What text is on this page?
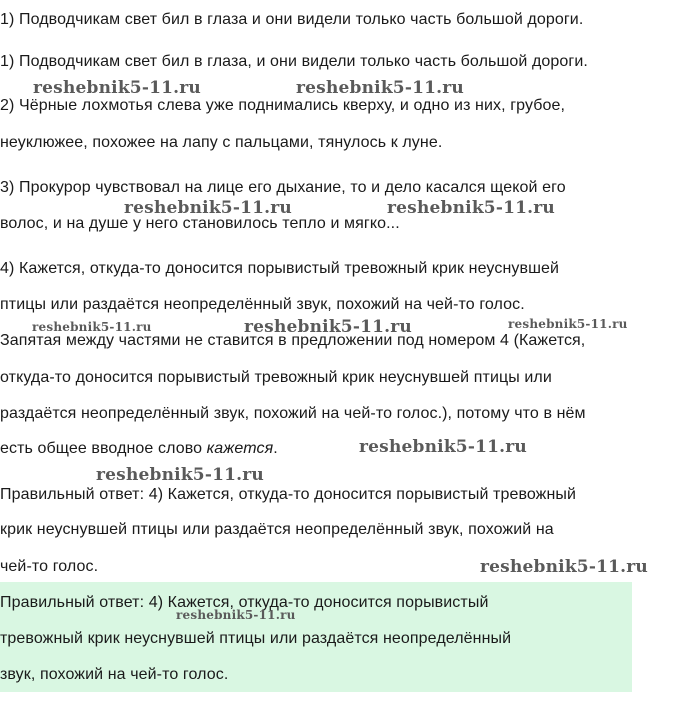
1) Подводчикам свет бил в глаза и они видели только часть большой дороги.
1) Подводчикам свет бил в глаза, и они видели только часть большой дороги.
2) Чёрные лохмотья слева уже поднимались кверху, и одно из них, грубое,
неуклюжее, похожее на лапу с пальцами, тянулось к луне.
3) Прокурор чувствовал на лице его дыхание, то и дело касался щекой его
волос, и на душе у него становилось тепло и мягко...
4) Кажется, откуда-то доносится порывистый тревожный крик неуснувшей
птицы или раздаётся неопределённый звук, похожий на чей-то голос.
Запятая между частями не ставится в предложении под номером 4 (Кажется,
откуда-то доносится порывистый тревожный крик неуснувшей птицы или
раздаётся неопределённый звук, похожий на чей-то голос.), потому что в нём
есть общее вводное слово кажется.
Правильный ответ: 4) Кажется, откуда-то доносится порывистый тревожный
крик неуснувшей птицы или раздаётся неопределённый звук, похожий на
чей-то голос.
Правильный ответ: 4) Кажется, откуда-то доносится порывистый
тревожный крик неуснувшей птицы или раздаётся неопределённый
звук, похожий на чей-то голос.
reshebnik5-11.ru	reshebnik5-11.ru
reshebnik5-11.ru	reshebnik5-11.ru
reshebnik5-11.ru	reshebnik5-11.ru	reshebnik5-11.ru
reshebnik5-11.ru
reshebnik5-11.ru
reshebnik5-11.ru
reshebnik5-11.ru
